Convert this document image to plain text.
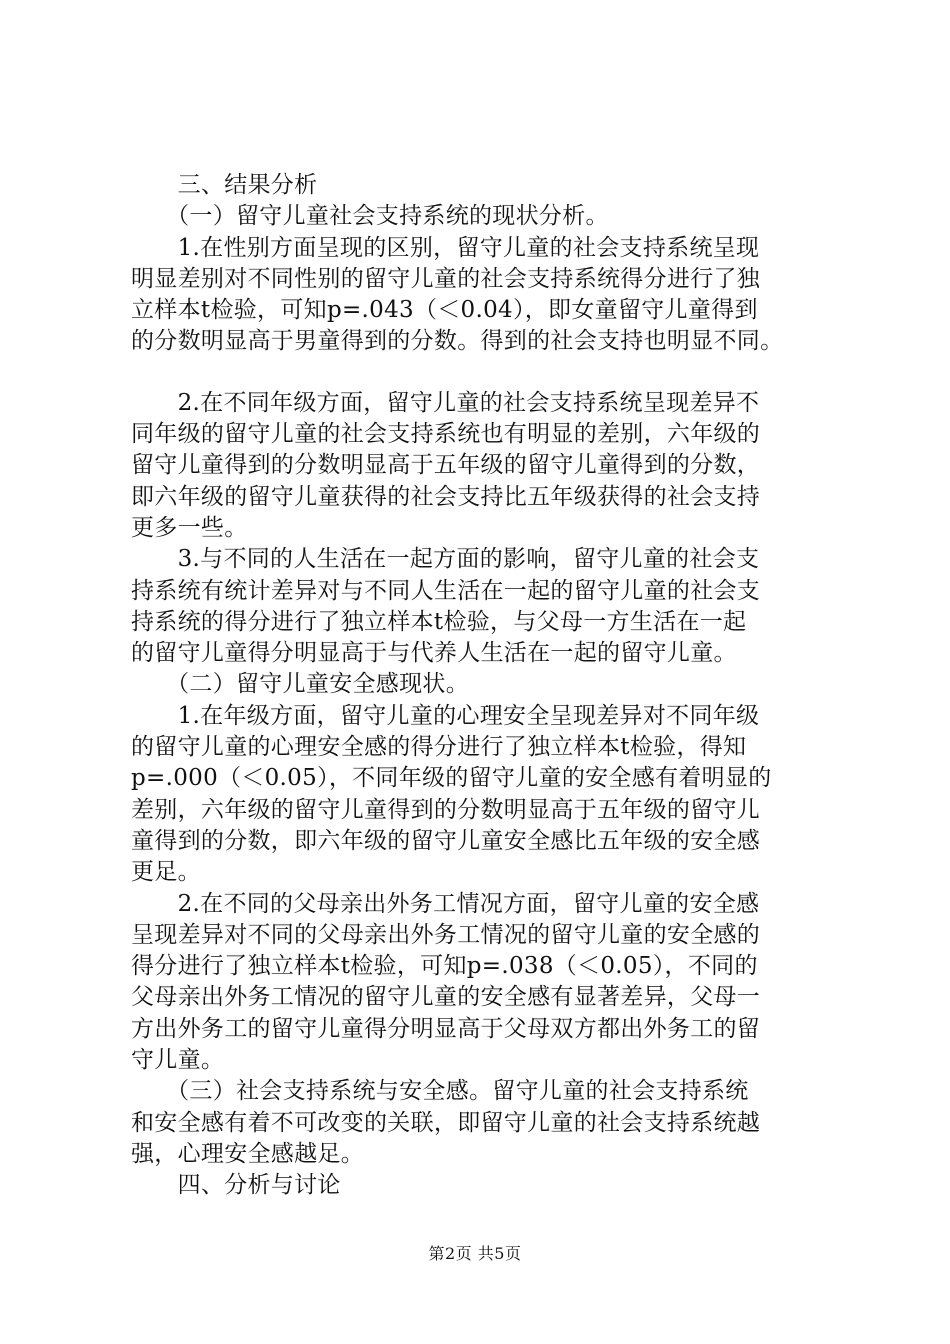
　　三、结果分析
　　（一）留守儿童社会支持系统的现状分析。
　　1.在性别方面呈现的区别，留守儿童的社会支持系统呈现
明显差别对不同性别的留守儿童的社会支持系统得分进行了独
立样本t检验，可知p=.043（＜0.04），即女童留守儿童得到
的分数明显高于男童得到的分数。得到的社会支持也明显不同。
　　2.在不同年级方面，留守儿童的社会支持系统呈现差异不
同年级的留守儿童的社会支持系统也有明显的差别，六年级的
留守儿童得到的分数明显高于五年级的留守儿童得到的分数，
即六年级的留守儿童获得的社会支持比五年级获得的社会支持
更多一些。
　　3.与不同的人生活在一起方面的影响，留守儿童的社会支
持系统有统计差异对与不同人生活在一起的留守儿童的社会支
持系统的得分进行了独立样本t检验，与父母一方生活在一起
的留守儿童得分明显高于与代养人生活在一起的留守儿童。
　　（二）留守儿童安全感现状。
　　1.在年级方面，留守儿童的心理安全呈现差异对不同年级
的留守儿童的心理安全感的得分进行了独立样本t检验，得知
p=.000（＜0.05），不同年级的留守儿童的安全感有着明显的
差别，六年级的留守儿童得到的分数明显高于五年级的留守儿
童得到的分数，即六年级的留守儿童安全感比五年级的安全感
更足。
　　2.在不同的父母亲出外务工情况方面，留守儿童的安全感
呈现差异对不同的父母亲出外务工情况的留守儿童的安全感的
得分进行了独立样本t检验，可知p=.038（＜0.05），不同的
父母亲出外务工情况的留守儿童的安全感有显著差异，父母一
方出外务工的留守儿童得分明显高于父母双方都出外务工的留
守儿童。
　　（三）社会支持系统与安全感。留守儿童的社会支持系统
和安全感有着不可改变的关联，即留守儿童的社会支持系统越
强，心理安全感越足。
　　四、分析与讨论
第2页 共5页
